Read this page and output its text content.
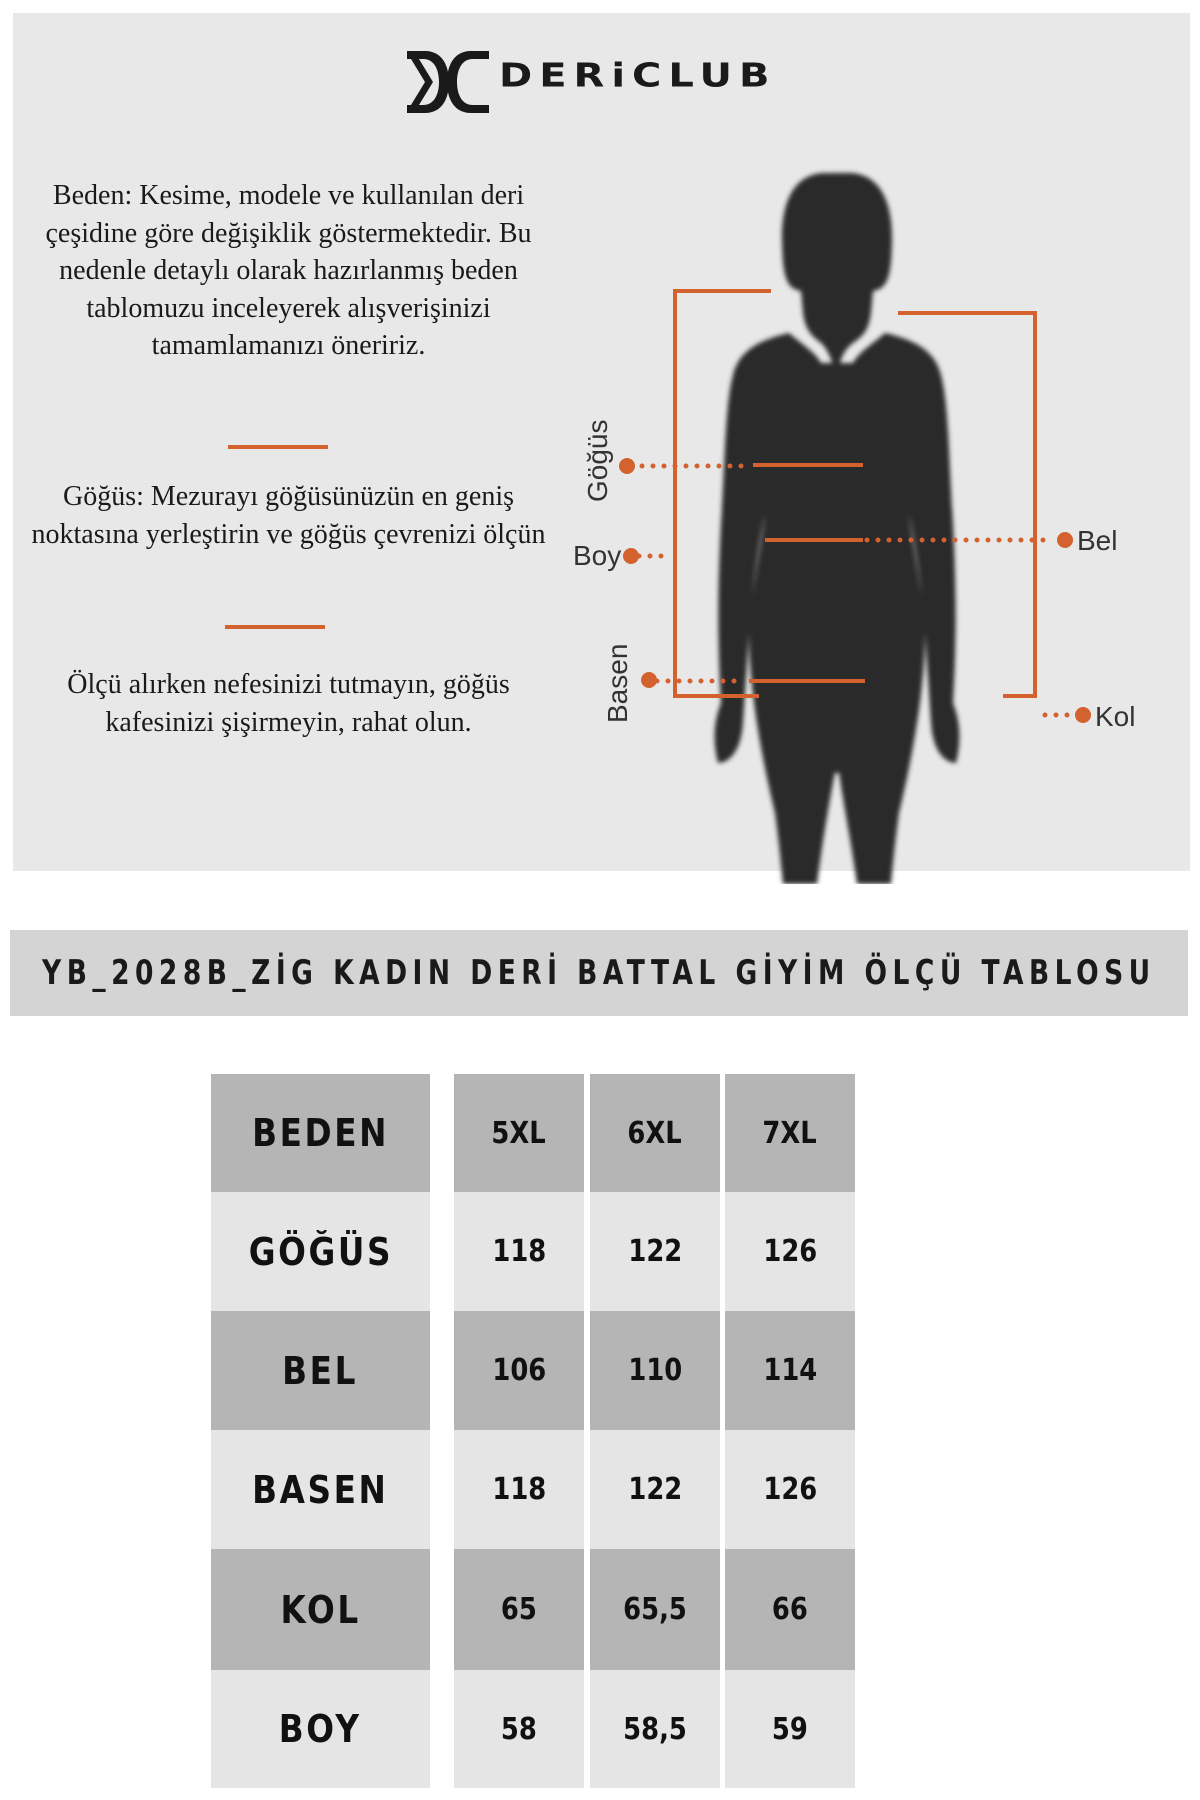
DERiCLUB

Beden: Kesime, modele ve kullanılan deri çeşidine göre değişiklik göstermektedir. Bu nedenle detaylı olarak hazırlanmış beden tablomuzu inceleyerek alışverişinizi tamamlamanızı öneririz.

Göğüs: Mezurayı göğüsünüzün en geniş noktasına yerleştirin ve göğüs çevrenizi ölçün

Ölçü alırken nefesinizi tutmayın, göğüs kafesinizi şişirmeyin, rahat olun.

Göğüs
Boy
Basen
Bel
Kol
YB_2028B_ZİG KADIN DERİ BATTAL GİYİM ÖLÇÜ TABLOSU
BEDEN	5XL	6XL	7XL
GÖĞÜS	118	122	126
BEL	106	110	114
BASEN	118	122	126
KOL	65	65,5	66
BOY	58	58,5	59
